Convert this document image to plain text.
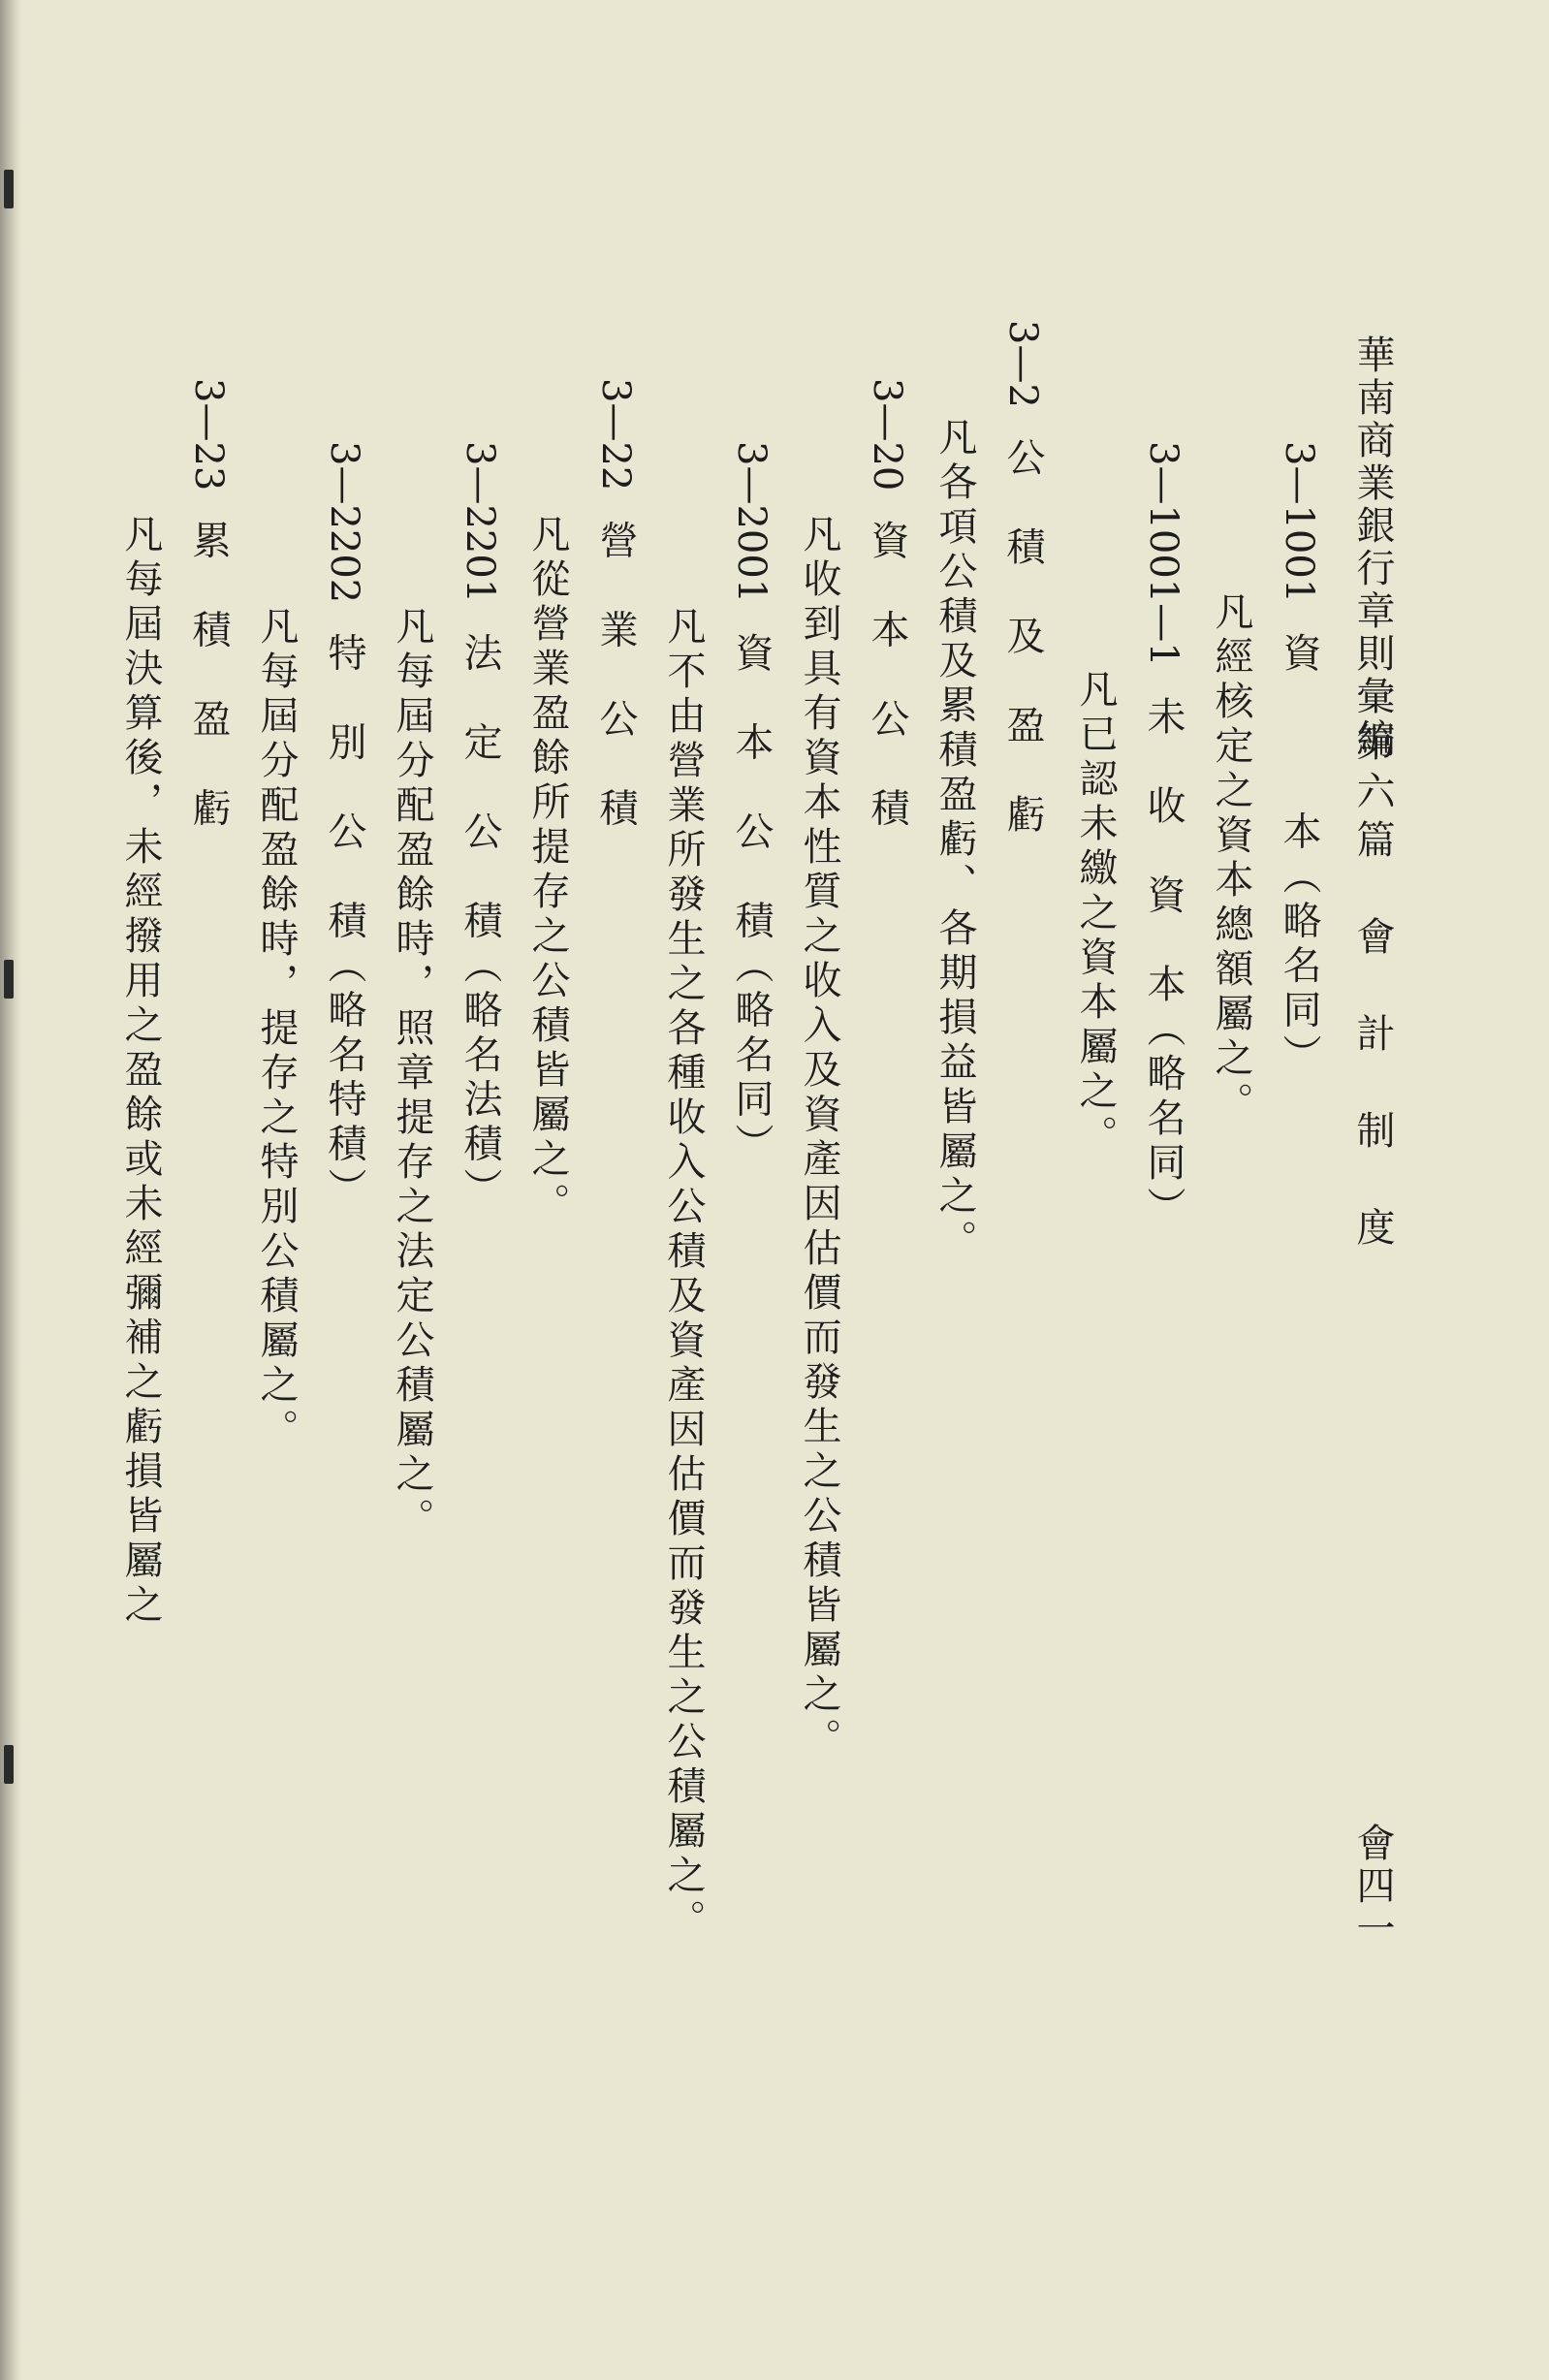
華南商業銀行章則彙編
第六篇　會　計　制　度
會四一
3—1001資　　　本（略名同）
凡經核定之資本總額屬之。
3—1001—1未　收　資　本（略名同）
凡已認未繳之資本屬之。
3—2公　積　及　盈　虧
凡各項公積及累積盈虧、各期損益皆屬之。
3—20資　本　公　積
凡收到具有資本性質之收入及資產因估價而發生之公積皆屬之。
3—2001資　本　公　積（略名同）
凡不由營業所發生之各種收入公積及資產因估價而發生之公積屬之。
3—22營　業　公　積
凡從營業盈餘所提存之公積皆屬之。
3—2201法　定　公　積（略名法積）
凡每屆分配盈餘時，照章提存之法定公積屬之。
3—2202特　別　公　積（略名特積）
凡每屆分配盈餘時，提存之特別公積屬之。
3—23累　積　盈　虧
凡每屆決算後，未經撥用之盈餘或未經彌補之虧損皆屬之
